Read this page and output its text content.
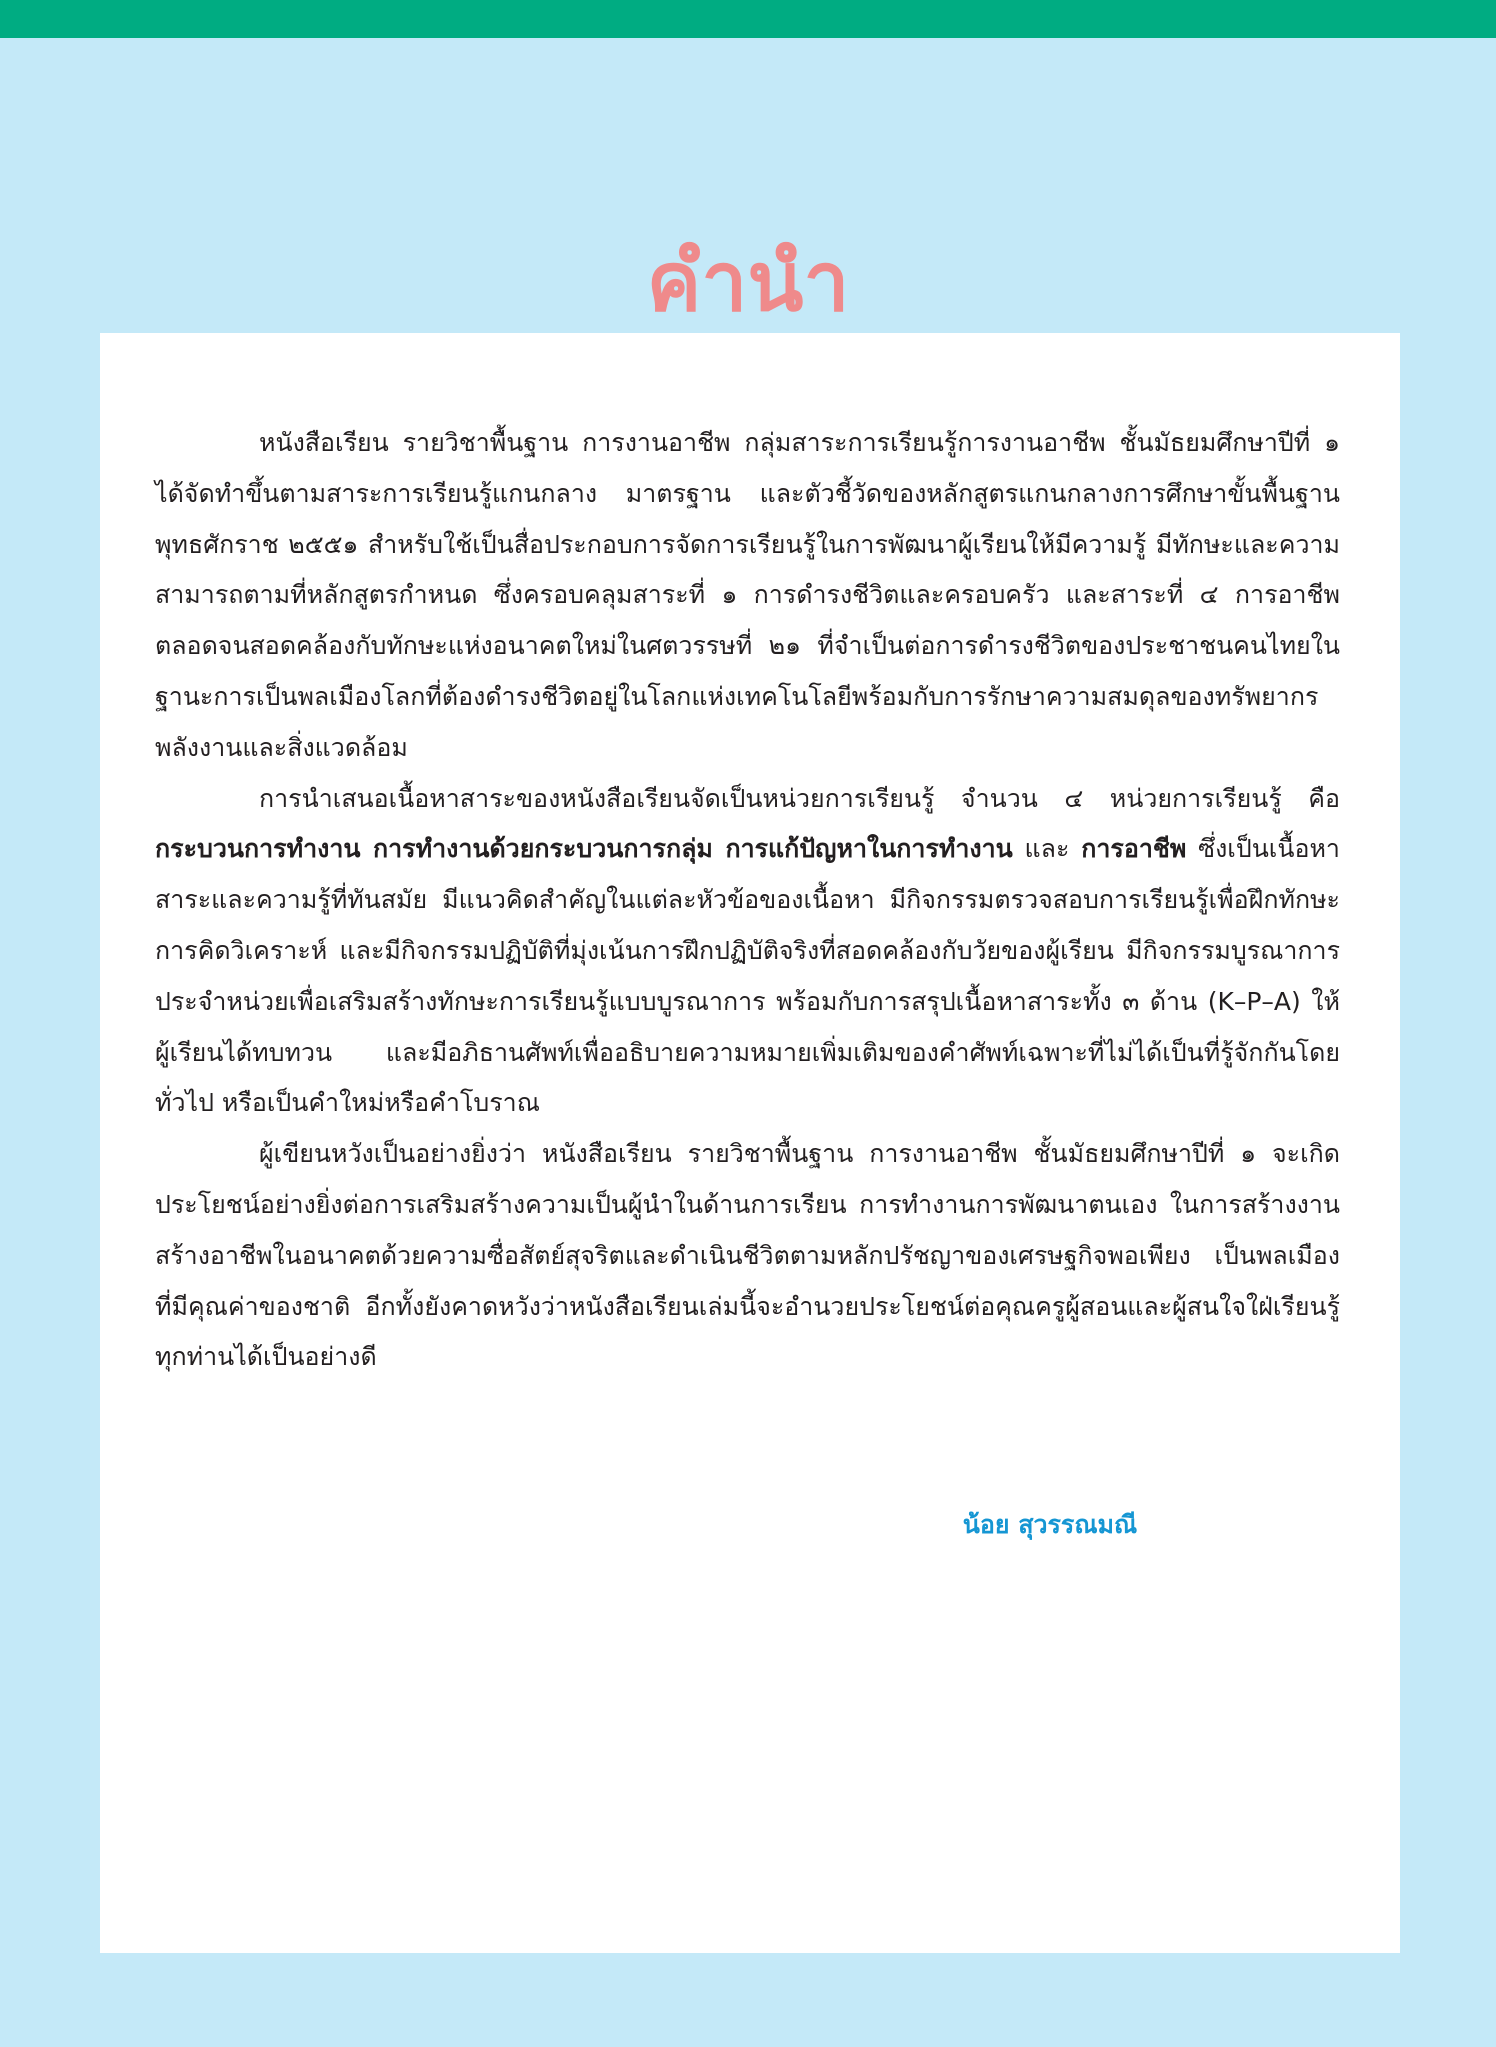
คำนำ

หนังสือเรียน รายวิชาพื้นฐาน การงานอาชีพ กลุ่มสาระการเรียนรู้การงานอาชีพ ชั้นมัธยมศึกษาปีที่ ๑ ได้จัดทำขึ้นตามสาระการเรียนรู้แกนกลาง มาตรฐาน และตัวชี้วัดของหลักสูตรแกนกลางการศึกษาขั้นพื้นฐาน พุทธศักราช ๒๕๕๑ สำหรับใช้เป็นสื่อประกอบการจัดการเรียนรู้ในการพัฒนาผู้เรียนให้มีความรู้ มีทักษะและความสามารถตามที่หลักสูตรกำหนด ซึ่งครอบคลุมสาระที่ ๑ การดำรงชีวิตและครอบครัว และสาระที่ ๔ การอาชีพ ตลอดจนสอดคล้องกับทักษะแห่งอนาคตใหม่ในศตวรรษที่ ๒๑ ที่จำเป็นต่อการดำรงชีวิตของประชาชนคนไทยในฐานะการเป็นพลเมืองโลกที่ต้องดำรงชีวิตอยู่ในโลกแห่งเทคโนโลยีพร้อมกับการรักษาความสมดุลของทรัพยากร พลังงานและสิ่งแวดล้อม

การนำเสนอเนื้อหาสาระของหนังสือเรียนจัดเป็นหน่วยการเรียนรู้ จำนวน ๔ หน่วยการเรียนรู้ คือ กระบวนการทำงาน การทำงานด้วยกระบวนการกลุ่ม การแก้ปัญหาในการทำงาน และ การอาชีพ ซึ่งเป็นเนื้อหาสาระและความรู้ที่ทันสมัย มีแนวคิดสำคัญในแต่ละหัวข้อของเนื้อหา มีกิจกรรมตรวจสอบการเรียนรู้เพื่อฝึกทักษะการคิดวิเคราะห์ และมีกิจกรรมปฏิบัติที่มุ่งเน้นการฝึกปฏิบัติจริงที่สอดคล้องกับวัยของผู้เรียน มีกิจกรรมบูรณาการประจำหน่วยเพื่อเสริมสร้างทักษะการเรียนรู้แบบบูรณาการ พร้อมกับการสรุปเนื้อหาสาระทั้ง ๓ ด้าน (K–P–A) ให้ผู้เรียนได้ทบทวน และมีอภิธานศัพท์เพื่ออธิบายความหมายเพิ่มเติมของคำศัพท์เฉพาะที่ไม่ได้เป็นที่รู้จักกันโดยทั่วไป หรือเป็นคำใหม่หรือคำโบราณ

ผู้เขียนหวังเป็นอย่างยิ่งว่า หนังสือเรียน รายวิชาพื้นฐาน การงานอาชีพ ชั้นมัธยมศึกษาปีที่ ๑ จะเกิดประโยชน์อย่างยิ่งต่อการเสริมสร้างความเป็นผู้นำในด้านการเรียน การทำงานการพัฒนาตนเอง ในการสร้างงาน สร้างอาชีพในอนาคตด้วยความซื่อสัตย์สุจริตและดำเนินชีวิตตามหลักปรัชญาของเศรษฐกิจพอเพียง เป็นพลเมืองที่มีคุณค่าของชาติ อีกทั้งยังคาดหวังว่าหนังสือเรียนเล่มนี้จะอำนวยประโยชน์ต่อคุณครูผู้สอนและผู้สนใจใฝ่เรียนรู้ทุกท่านได้เป็นอย่างดี

น้อย สุวรรณมณี
